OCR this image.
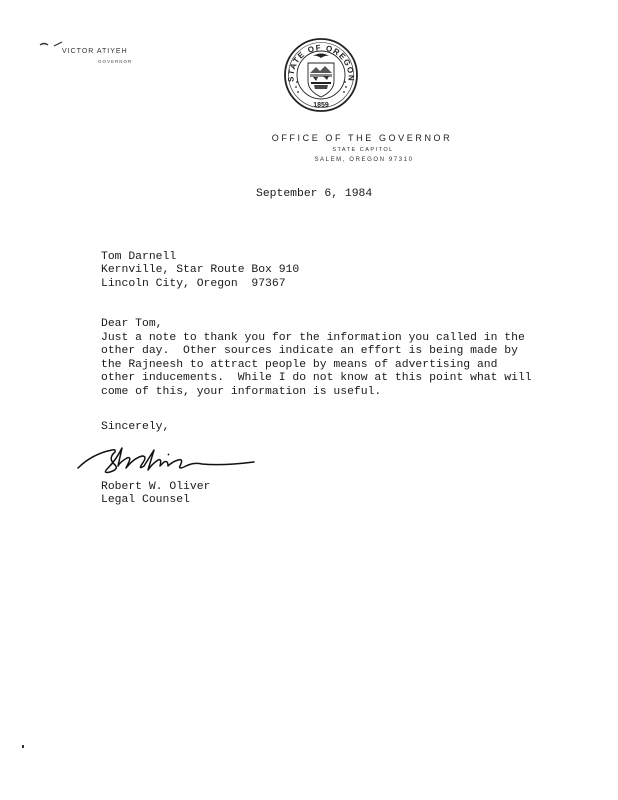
VICTOR ATIYEH
GOVERNOR
STATE OF OREGON
1859
OFFICE OF THE GOVERNOR
STATE CAPITOL
SALEM, OREGON 97310
September 6, 1984
Tom Darnell
Kernville, Star Route Box 910
Lincoln City, Oregon  97367
Dear Tom,
Just a note to thank you for the information you called in the
other day.  Other sources indicate an effort is being made by
the Rajneesh to attract people by means of advertising and
other inducements.  While I do not know at this point what will
come of this, your information is useful.
Sincerely,
Robert W. Oliver
Legal Counsel
